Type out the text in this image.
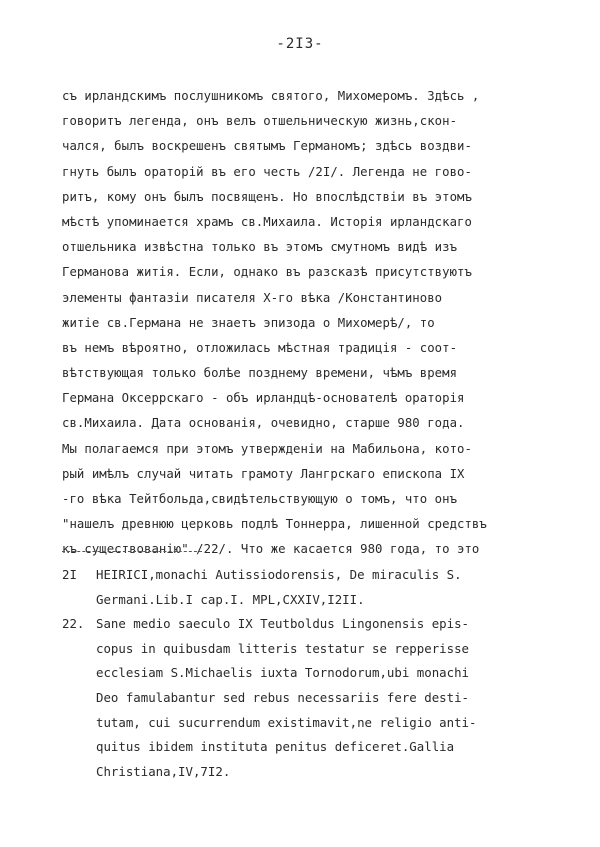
-2I3-
съ ирландскимъ послушникомъ святого, Михомеромъ. Здѣсь ,
говоритъ легенда, онъ велъ отшельническую жизнь,скон-
чался, былъ воскрешенъ святымъ Германомъ; здѣсь воздви-
гнуть былъ ораторій въ его честь /2I/. Легенда не гово-
ритъ, кому онъ былъ посвященъ. Но впослѣдствіи въ этомъ
мѣстѣ упоминается храмъ св.Михаила. Исторія ирландскаго
отшельника извѣстна только въ этомъ смутномъ видѣ изъ
Германова житія. Если, однако въ разсказѣ присутствуютъ
элементы фантазіи писателя X-го вѣка /Константиново
житіе св.Германа не знаетъ эпизода о Михомерѣ/, то
въ немъ вѣроятно, отложилась мѣстная традиція - соот-
вѣтствующая только болѣе позднему времени, чѣмъ время
Германа Оксеррскаго - объ ирландцѣ-основателѣ ораторія
св.Михаила. Дата основанія, очевидно, старше 980 года.
Мы полагаемся при этомъ утвержденіи на Мабильона, кото-
рый имѣлъ случай читать грамоту Лангрскаго епископа IX
-го вѣка Тейтбольда,свидѣтельствующую о томъ, что онъ
"нашелъ древнюю церковь подлѣ Тоннерра, лишенной средствъ
къ существованію" /22/. Что же касается 980 года, то это
2I HEIRICI,monachi Autissiodorensis, De miraculis S.
Germani.Lib.I cap.I. MPL,CXXIV,I2II.
22. Sane medio saeculo IX Teutboldus Lingonensis epis-
copus in quibusdam litteris testatur se repperisse
ecclesiam S.Michaelis iuxta Tornodorum,ubi monachi
Deo famulabantur sed rebus necessariis fere desti-
tutam, cui sucurrendum existimavit,ne religio anti-
quitus ibidem instituta penitus deficeret.Gallia
Christiana,IV,7I2.
